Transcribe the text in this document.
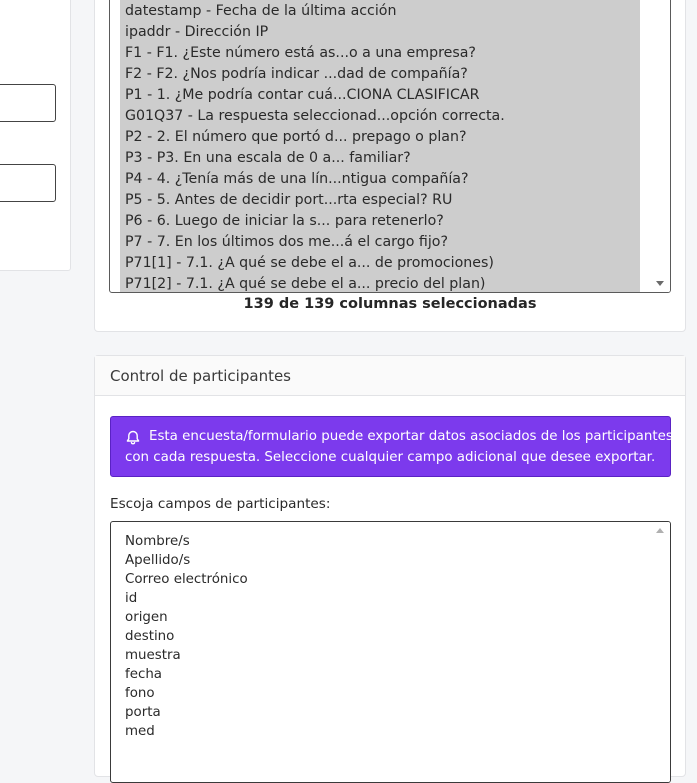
datestamp - Fecha de la última acción
ipaddr - Dirección IP
F1 - F1. ¿Este número está as...o a una empresa?
F2 - F2. ¿Nos podría indicar ...dad de compañía?
P1 - 1. ¿Me podría contar cuá...CIONA CLASIFICAR
G01Q37 - La respuesta seleccionad...opción correcta.
P2 - 2. El número que portó d... prepago o plan?
P3 - P3. En una escala de 0 a... familiar?
P4 - 4. ¿Tenía más de una lín...ntigua compañía?
P5 - 5. Antes de decidir port...rta especial? RU
P6 - 6. Luego de iniciar la s... para retenerlo?
P7 - 7. En los últimos dos me...á el cargo fijo?
P71[1] - 7.1. ¿A qué se debe el a... de promociones)
P71[2] - 7.1. ¿A qué se debe el a... precio del plan)
139 de 139 columnas seleccionadas
Control de participantes
Esta encuesta/formulario puede exportar datos asociados de los participantes
con cada respuesta. Seleccione cualquier campo adicional que desee exportar.
Escoja campos de participantes:
Nombre/s
Apellido/s
Correo electrónico
id
origen
destino
muestra
fecha
fono
porta
med
